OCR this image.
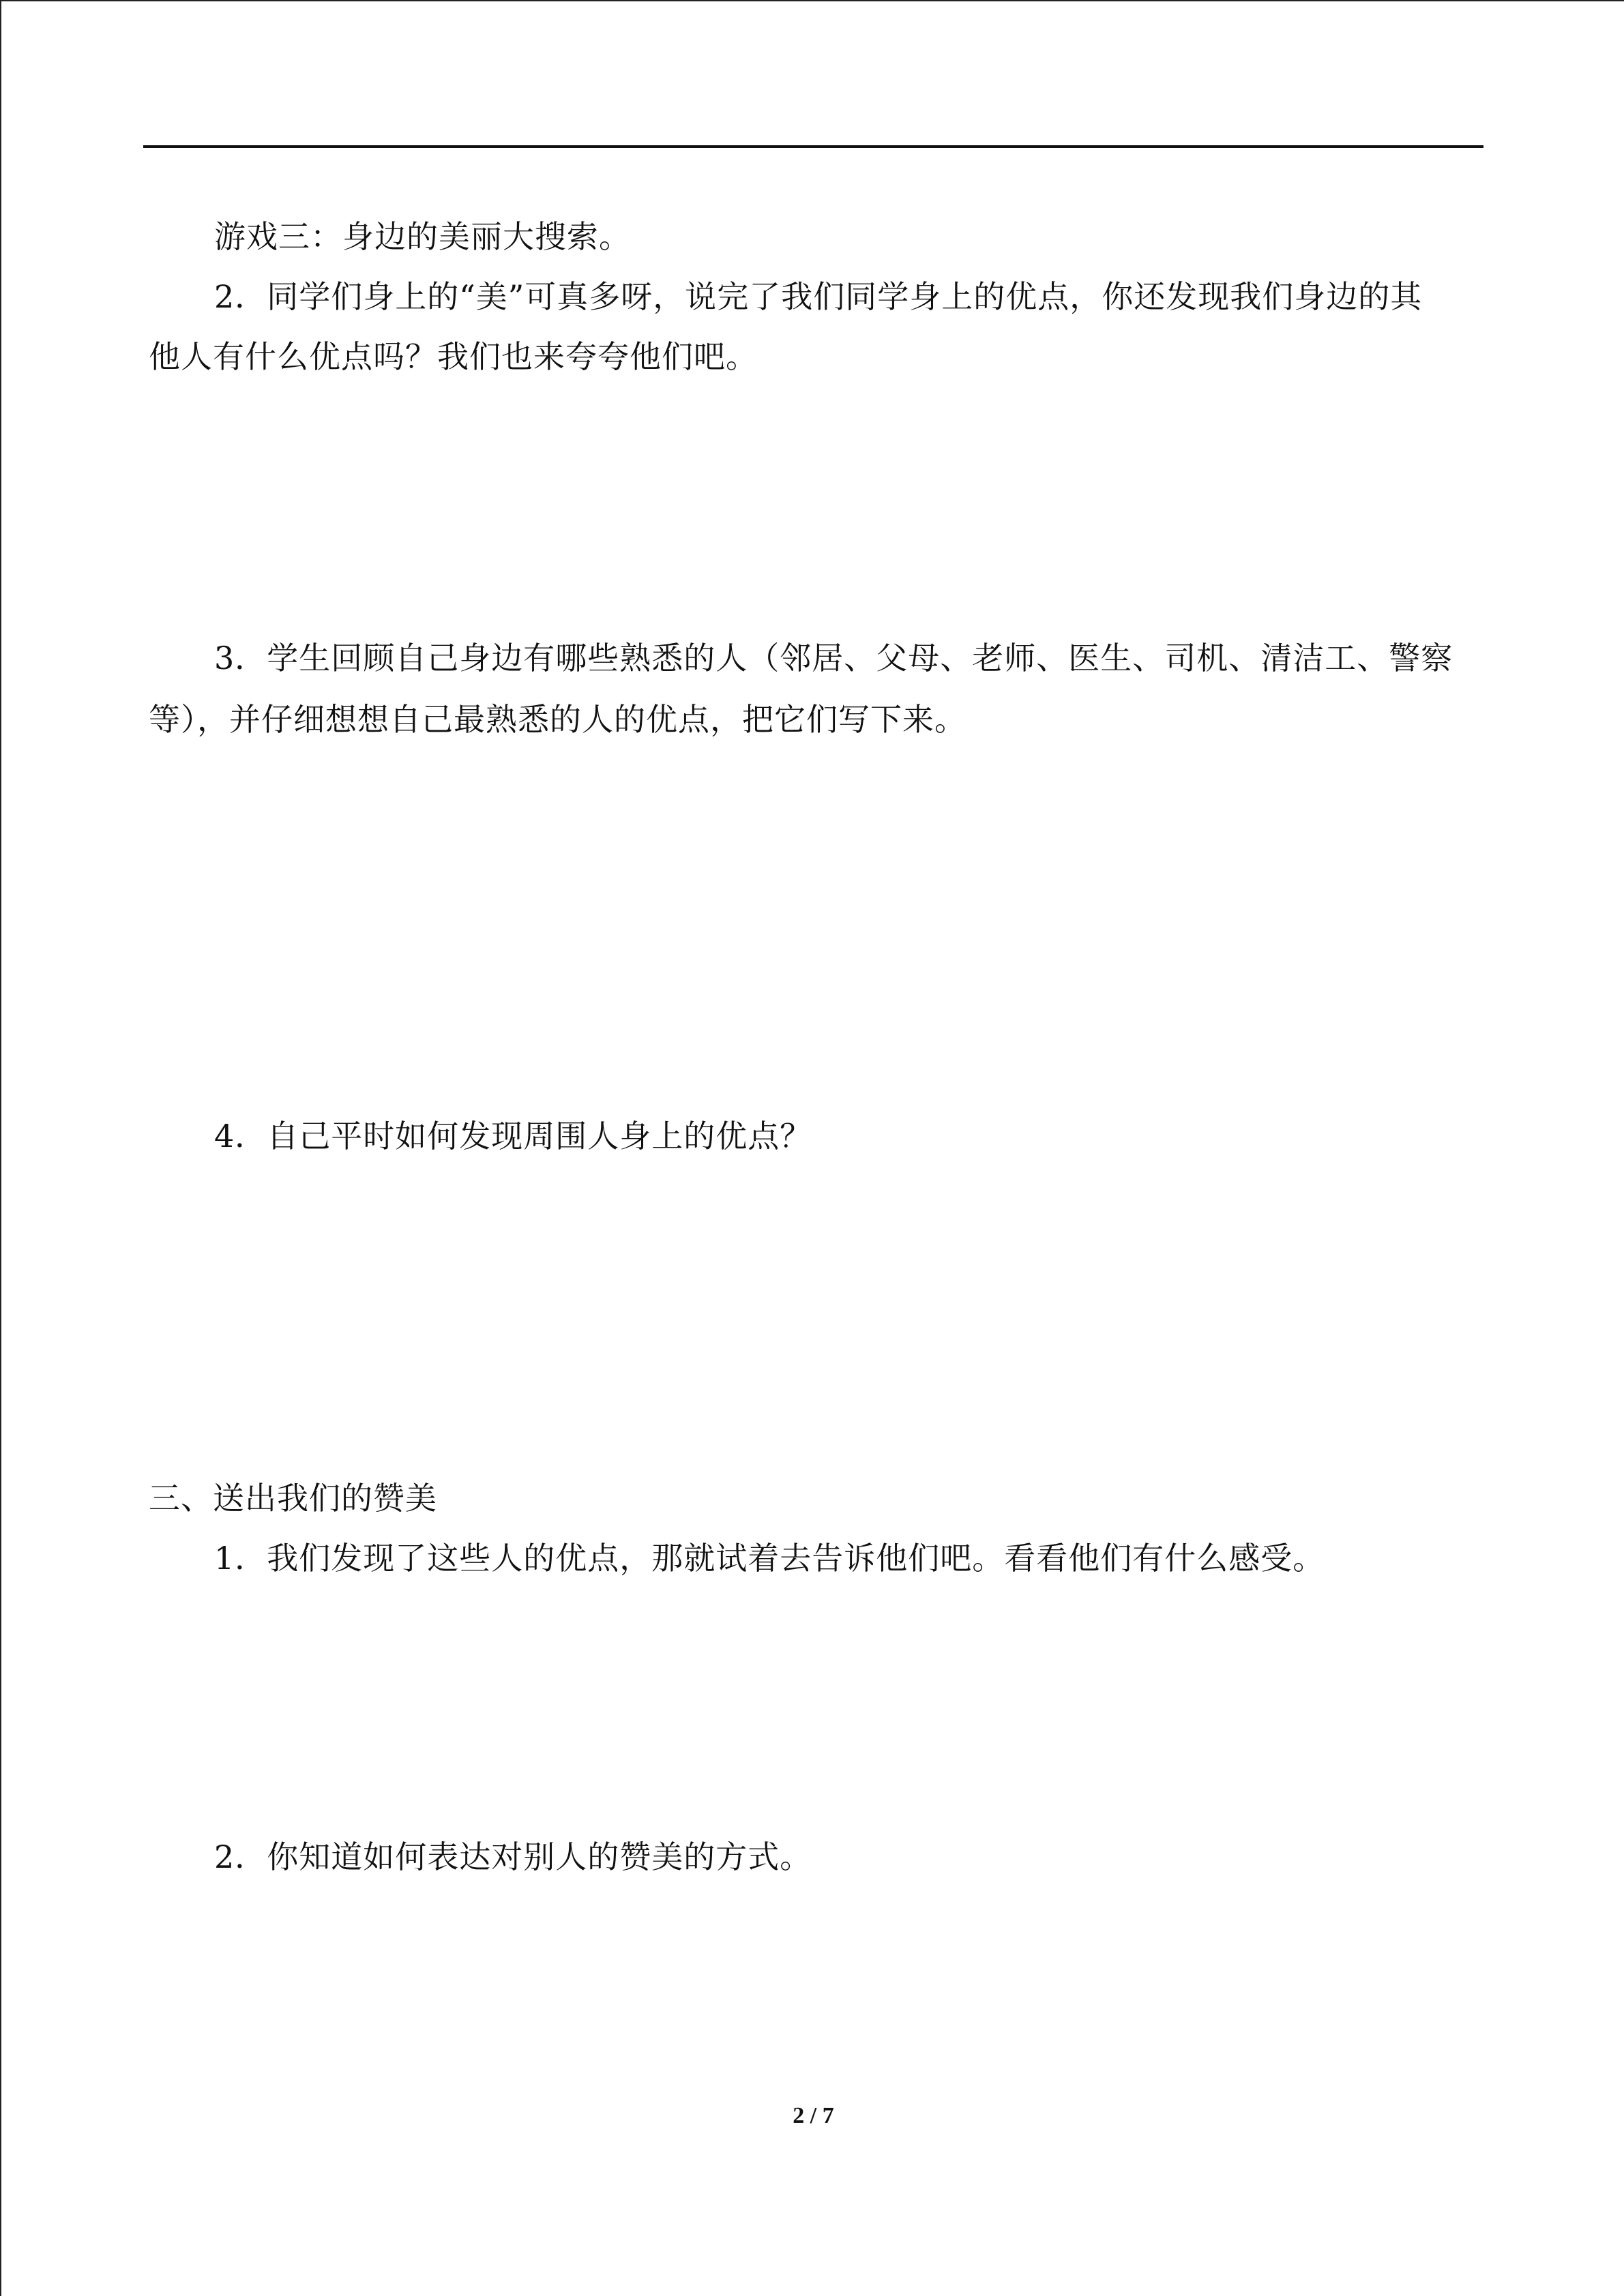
游戏三：身边的美丽大搜索。
2．同学们身上的“美”可真多呀，说完了我们同学身上的优点，你还发现我们身边的其
他人有什么优点吗？我们也来夸夸他们吧。
3．学生回顾自己身边有哪些熟悉的人（邻居、父母、老师、医生、司机、清洁工、警察
等），并仔细想想自己最熟悉的人的优点，把它们写下来。
4．自己平时如何发现周围人身上的优点？
三、送出我们的赞美
1．我们发现了这些人的优点，那就试着去告诉他们吧。看看他们有什么感受。
2．你知道如何表达对别人的赞美的方式。
2 / 7
